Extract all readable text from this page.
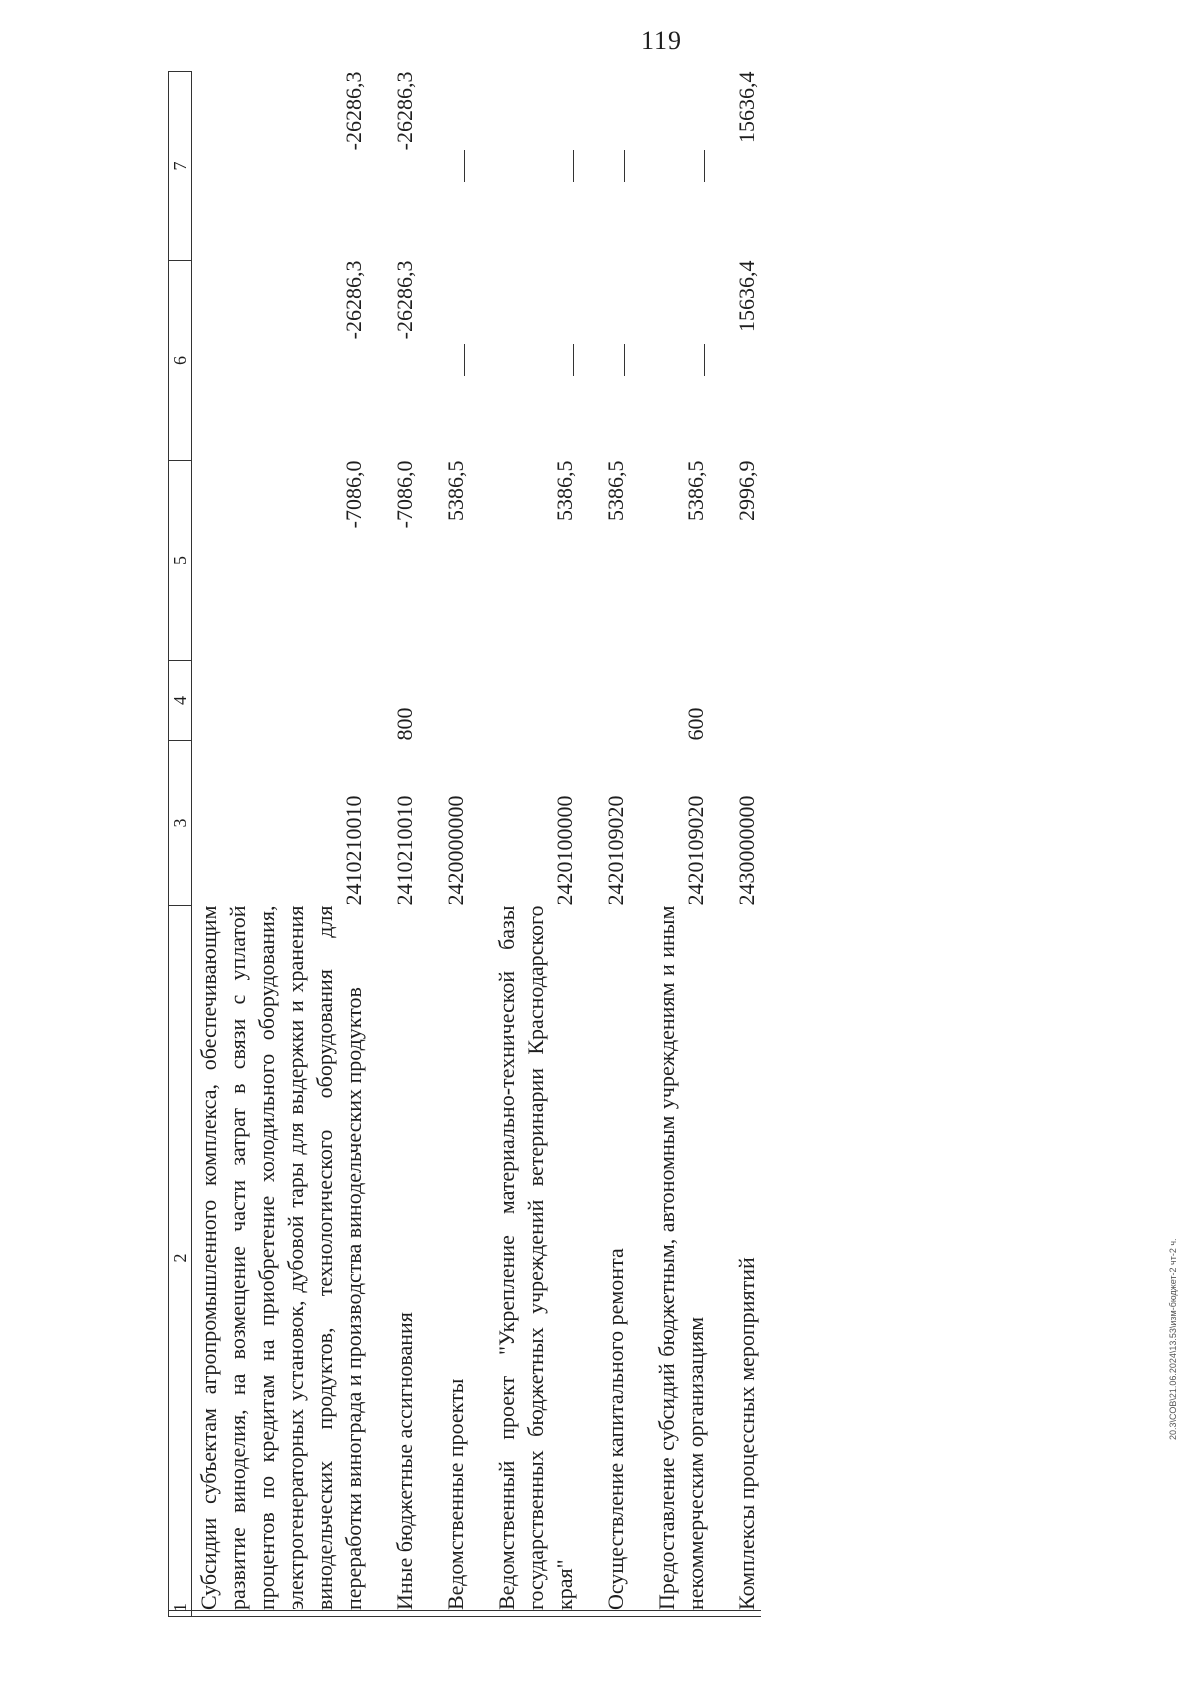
119
20.3\СОВ\21.06.2024\13.53\изм-бюджет-2 чт-2 ч.
1	2	3	4	5	6	7
	Субсидии субъектам агропромышленного комплекса, обеспечивающим развитие виноделия, на возмещение части затрат в связи с уплатой процентов по кредитам на приобретение холодильного оборудования, электрогенераторных установок, дубовой тары для выдержки и хранения винодельческих продуктов, технологического оборудования для переработки винограда и производства винодельческих продуктов	2410210010		-7086,0	-26286,3	-26286,3

	Иные бюджетные ассигнования	2410210010	800	-7086,0	-26286,3	-26286,3

	Ведомственные проекты	2420000000		5386,5		

	Ведомственный проект "Укрепление материально-технической базы государственных бюджетных учреждений ветеринарии Краснодарского края"	2420100000		5386,5		

	Осуществление капитального ремонта	2420109020		5386,5		

	Предоставление субсидий бюджетным, автономным учреждениям и иным некоммерческим организациям	2420109020	600	5386,5		

	Комплексы процессных мероприятий	2430000000		2996,9	15636,4	15636,4
